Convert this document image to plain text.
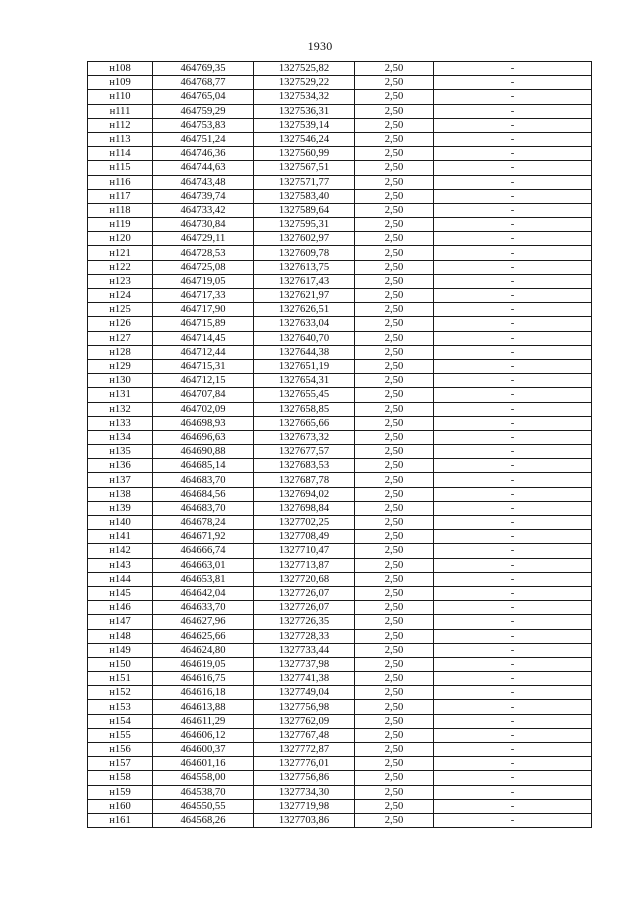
1930
н108	464769,35	1327525,82	2,50	-
н109	464768,77	1327529,22	2,50	-
н110	464765,04	1327534,32	2,50	-
н111	464759,29	1327536,31	2,50	-
н112	464753,83	1327539,14	2,50	-
н113	464751,24	1327546,24	2,50	-
н114	464746,36	1327560,99	2,50	-
н115	464744,63	1327567,51	2,50	-
н116	464743,48	1327571,77	2,50	-
н117	464739,74	1327583,40	2,50	-
н118	464733,42	1327589,64	2,50	-
н119	464730,84	1327595,31	2,50	-
н120	464729,11	1327602,97	2,50	-
н121	464728,53	1327609,78	2,50	-
н122	464725,08	1327613,75	2,50	-
н123	464719,05	1327617,43	2,50	-
н124	464717,33	1327621,97	2,50	-
н125	464717,90	1327626,51	2,50	-
н126	464715,89	1327633,04	2,50	-
н127	464714,45	1327640,70	2,50	-
н128	464712,44	1327644,38	2,50	-
н129	464715,31	1327651,19	2,50	-
н130	464712,15	1327654,31	2,50	-
н131	464707,84	1327655,45	2,50	-
н132	464702,09	1327658,85	2,50	-
н133	464698,93	1327665,66	2,50	-
н134	464696,63	1327673,32	2,50	-
н135	464690,88	1327677,57	2,50	-
н136	464685,14	1327683,53	2,50	-
н137	464683,70	1327687,78	2,50	-
н138	464684,56	1327694,02	2,50	-
н139	464683,70	1327698,84	2,50	-
н140	464678,24	1327702,25	2,50	-
н141	464671,92	1327708,49	2,50	-
н142	464666,74	1327710,47	2,50	-
н143	464663,01	1327713,87	2,50	-
н144	464653,81	1327720,68	2,50	-
н145	464642,04	1327726,07	2,50	-
н146	464633,70	1327726,07	2,50	-
н147	464627,96	1327726,35	2,50	-
н148	464625,66	1327728,33	2,50	-
н149	464624,80	1327733,44	2,50	-
н150	464619,05	1327737,98	2,50	-
н151	464616,75	1327741,38	2,50	-
н152	464616,18	1327749,04	2,50	-
н153	464613,88	1327756,98	2,50	-
н154	464611,29	1327762,09	2,50	-
н155	464606,12	1327767,48	2,50	-
н156	464600,37	1327772,87	2,50	-
н157	464601,16	1327776,01	2,50	-
н158	464558,00	1327756,86	2,50	-
н159	464538,70	1327734,30	2,50	-
н160	464550,55	1327719,98	2,50	-
н161	464568,26	1327703,86	2,50	-
